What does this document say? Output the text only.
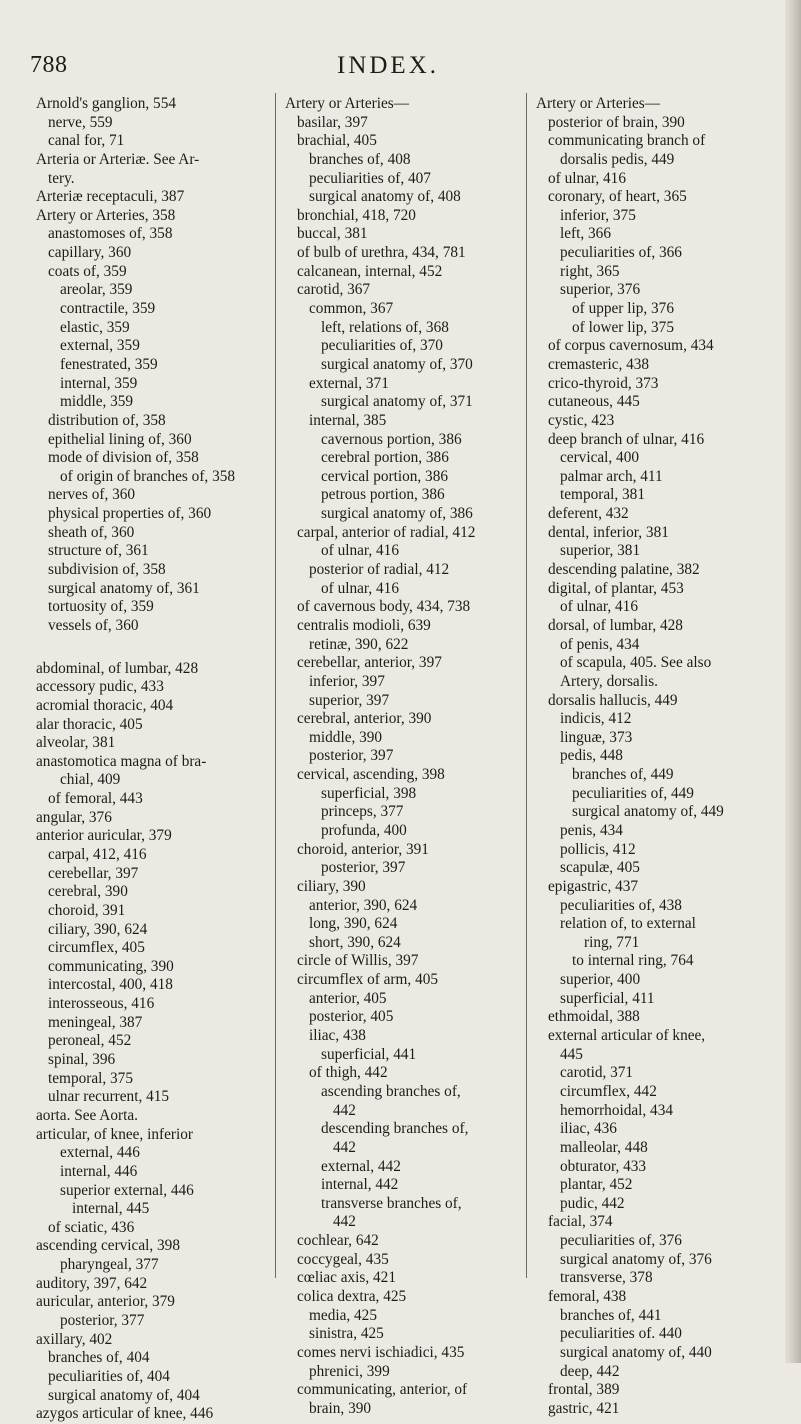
788	INDEX.
Arnold's ganglion, 554
nerve, 559
canal for, 71
Arteria or Arteriæ. See Ar-
tery.
Arteriæ receptaculi, 387
Artery or Arteries, 358
anastomoses of, 358
capillary, 360
coats of, 359
areolar, 359
contractile, 359
elastic, 359
external, 359
fenestrated, 359
internal, 359
middle, 359
distribution of, 358
epithelial lining of, 360
mode of division of, 358
of origin of branches of, 358
nerves of, 360
physical properties of, 360
sheath of, 360
structure of, 361
subdivision of, 358
surgical anatomy of, 361
tortuosity of, 359
vessels of, 360
abdominal, of lumbar, 428
accessory pudic, 433
acromial thoracic, 404
alar thoracic, 405
alveolar, 381
anastomotica magna of bra-
chial, 409
of femoral, 443
angular, 376
anterior auricular, 379
carpal, 412, 416
cerebellar, 397
cerebral, 390
choroid, 391
ciliary, 390, 624
circumflex, 405
communicating, 390
intercostal, 400, 418
interosseous, 416
meningeal, 387
peroneal, 452
spinal, 396
temporal, 375
ulnar recurrent, 415
aorta. See Aorta.
articular, of knee, inferior
external, 446
internal, 446
superior external, 446
internal, 445
of sciatic, 436
ascending cervical, 398
pharyngeal, 377
auditory, 397, 642
auricular, anterior, 379
posterior, 377
axillary, 402
branches of, 404
peculiarities of, 404
surgical anatomy of, 404
azygos articular of knee, 446
Artery or Arteries—
basilar, 397
brachial, 405
branches of, 408
peculiarities of, 407
surgical anatomy of, 408
bronchial, 418, 720
buccal, 381
of bulb of urethra, 434, 781
calcanean, internal, 452
carotid, 367
common, 367
left, relations of, 368
peculiarities of, 370
surgical anatomy of, 370
external, 371
surgical anatomy of, 371
internal, 385
cavernous portion, 386
cerebral portion, 386
cervical portion, 386
petrous portion, 386
surgical anatomy of, 386
carpal, anterior of radial, 412
of ulnar, 416
posterior of radial, 412
of ulnar, 416
of cavernous body, 434, 738
centralis modioli, 639
retinæ, 390, 622
cerebellar, anterior, 397
inferior, 397
superior, 397
cerebral, anterior, 390
middle, 390
posterior, 397
cervical, ascending, 398
superficial, 398
princeps, 377
profunda, 400
choroid, anterior, 391
posterior, 397
ciliary, 390
anterior, 390, 624
long, 390, 624
short, 390, 624
circle of Willis, 397
circumflex of arm, 405
anterior, 405
posterior, 405
iliac, 438
superficial, 441
of thigh, 442
ascending branches of,
442
descending branches of,
442
external, 442
internal, 442
transverse branches of,
442
cochlear, 642
coccygeal, 435
cœliac axis, 421
colica dextra, 425
media, 425
sinistra, 425
comes nervi ischiadici, 435
phrenici, 399
communicating, anterior, of
brain, 390
Artery or Arteries—
posterior of brain, 390
communicating branch of
dorsalis pedis, 449
of ulnar, 416
coronary, of heart, 365
inferior, 375
left, 366
peculiarities of, 366
right, 365
superior, 376
of upper lip, 376
of lower lip, 375
of corpus cavernosum, 434
cremasteric, 438
crico-thyroid, 373
cutaneous, 445
cystic, 423
deep branch of ulnar, 416
cervical, 400
palmar arch, 411
temporal, 381
deferent, 432
dental, inferior, 381
superior, 381
descending palatine, 382
digital, of plantar, 453
of ulnar, 416
dorsal, of lumbar, 428
of penis, 434
of scapula, 405. See also
Artery, dorsalis.
dorsalis hallucis, 449
indicis, 412
linguæ, 373
pedis, 448
branches of, 449
peculiarities of, 449
surgical anatomy of, 449
penis, 434
pollicis, 412
scapulæ, 405
epigastric, 437
peculiarities of, 438
relation of, to external
ring, 771
to internal ring, 764
superior, 400
superficial, 411
ethmoidal, 388
external articular of knee,
445
carotid, 371
circumflex, 442
hemorrhoidal, 434
iliac, 436
malleolar, 448
obturator, 433
plantar, 452
pudic, 442
facial, 374
peculiarities of, 376
surgical anatomy of, 376
transverse, 378
femoral, 438
branches of, 441
peculiarities of. 440
surgical anatomy of, 440
deep, 442
frontal, 389
gastric, 421
